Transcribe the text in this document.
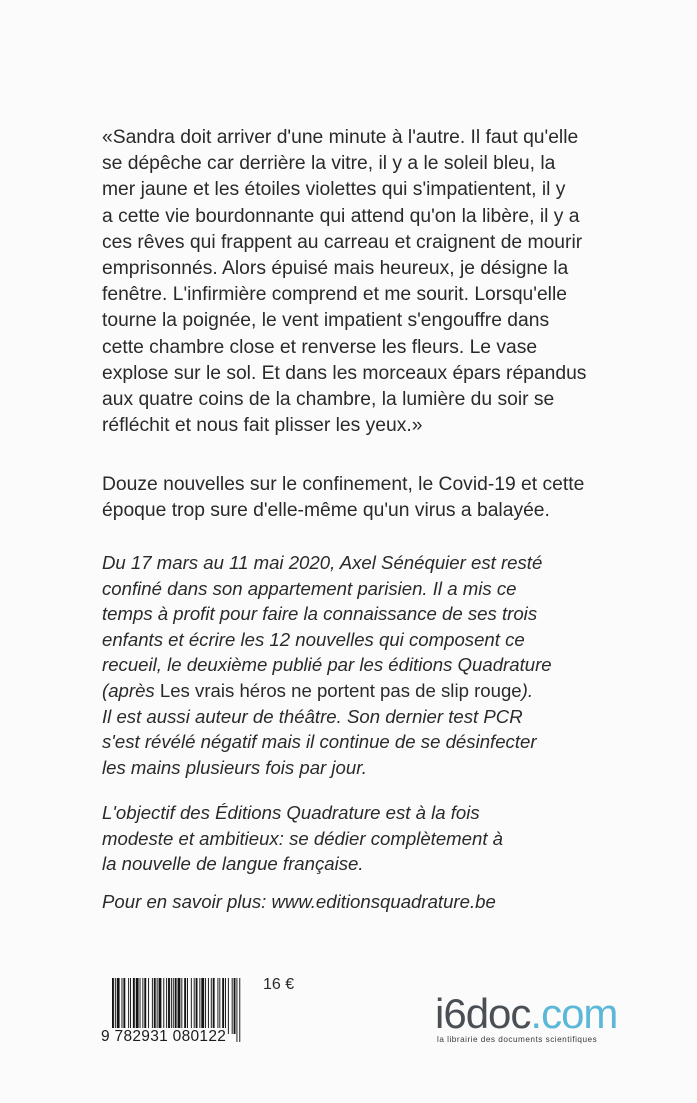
«Sandra doit arriver d'une minute à l'autre. Il faut qu'elle
se dépêche car derrière la vitre, il y a le soleil bleu, la
mer jaune et les étoiles violettes qui s'impatientent, il y
a cette vie bourdonnante qui attend qu'on la libère, il y a
ces rêves qui frappent au carreau et craignent de mourir
emprisonnés. Alors épuisé mais heureux, je désigne la
fenêtre. L'infirmière comprend et me sourit. Lorsqu'elle
tourne la poignée, le vent impatient s'engouffre dans
cette chambre close et renverse les fleurs. Le vase
explose sur le sol. Et dans les morceaux épars répandus
aux quatre coins de la chambre, la lumière du soir se
réfléchit et nous fait plisser les yeux.»
Douze nouvelles sur le confinement, le Covid-19 et cette
époque trop sure d'elle-même qu'un virus a balayée.
Du 17 mars au 11 mai 2020, Axel Sénéquier est resté
confiné dans son appartement parisien. Il a mis ce
temps à profit pour faire la connaissance de ses trois
enfants et écrire les 12 nouvelles qui composent ce
recueil, le deuxième publié par les éditions Quadrature
(après Les vrais héros ne portent pas de slip rouge).
Il est aussi auteur de théâtre. Son dernier test PCR
s'est révélé négatif mais il continue de se désinfecter
les mains plusieurs fois par jour.
L'objectif des Éditions Quadrature est à la fois
modeste et ambitieux: se dédier complètement à
la nouvelle de langue française.
Pour en savoir plus: www.editionsquadrature.be
9 782931 080122
16 €
i6doc.com
la librairie des documents scientifiques
